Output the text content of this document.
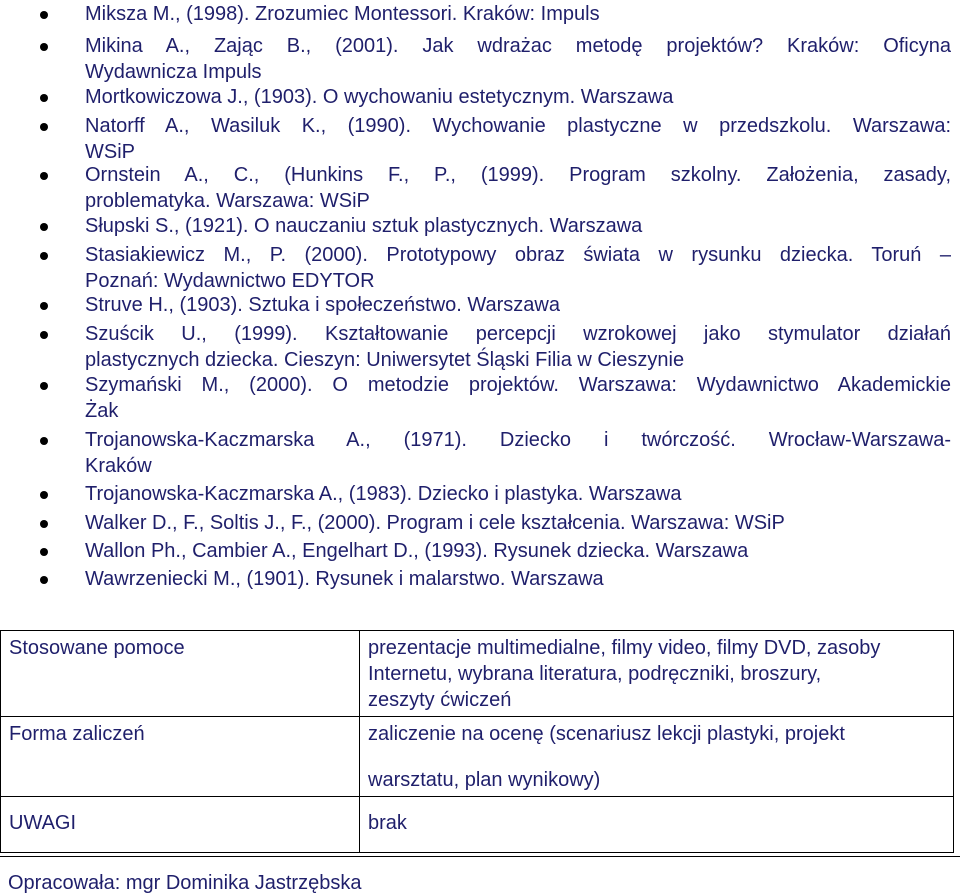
Miksza M., (1998). Zrozumiec Montessori. Kraków: Impuls
Mikina A., Zając B., (2001). Jak wdrażac metodę projektów? Kraków: Oficyna
Wydawnicza Impuls
Mortkowiczowa J., (1903). O wychowaniu estetycznym. Warszawa
Natorff A., Wasiluk K., (1990). Wychowanie plastyczne w przedszkolu. Warszawa:
WSiP
Ornstein A., C., (Hunkins F., P., (1999). Program szkolny. Założenia, zasady,
problematyka. Warszawa: WSiP
Słupski S., (1921). O nauczaniu sztuk plastycznych. Warszawa
Stasiakiewicz M., P. (2000). Prototypowy obraz świata w rysunku dziecka. Toruń –
Poznań: Wydawnictwo EDYTOR
Struve H., (1903). Sztuka i społeczeństwo. Warszawa
Szuścik U., (1999). Kształtowanie percepcji wzrokowej jako stymulator działań
plastycznych dziecka. Cieszyn: Uniwersytet Śląski Filia w Cieszynie
Szymański M., (2000). O metodzie projektów. Warszawa: Wydawnictwo Akademickie
Żak
Trojanowska-Kaczmarska A., (1971). Dziecko i twórczość. Wrocław-Warszawa-
Kraków
Trojanowska-Kaczmarska A., (1983). Dziecko i plastyka. Warszawa
Walker D., F., Soltis J., F., (2000). Program i cele kształcenia. Warszawa: WSiP
Wallon Ph., Cambier A., Engelhart D., (1993). Rysunek dziecka. Warszawa
Wawrzeniecki M., (1901). Rysunek i malarstwo. Warszawa
Stosowane pomoce	prezentacje multimedialne, filmy video, filmy DVD, zasoby
Internetu, wybrana literatura, podręczniki, broszury,
zeszyty ćwiczeń

Forma zaliczeń	zaliczenie na ocenę (scenariusz lekcji plastyki, projekt
warsztatu, plan wynikowy)

UWAGI	brak
Opracowała: mgr Dominika Jastrzębska
